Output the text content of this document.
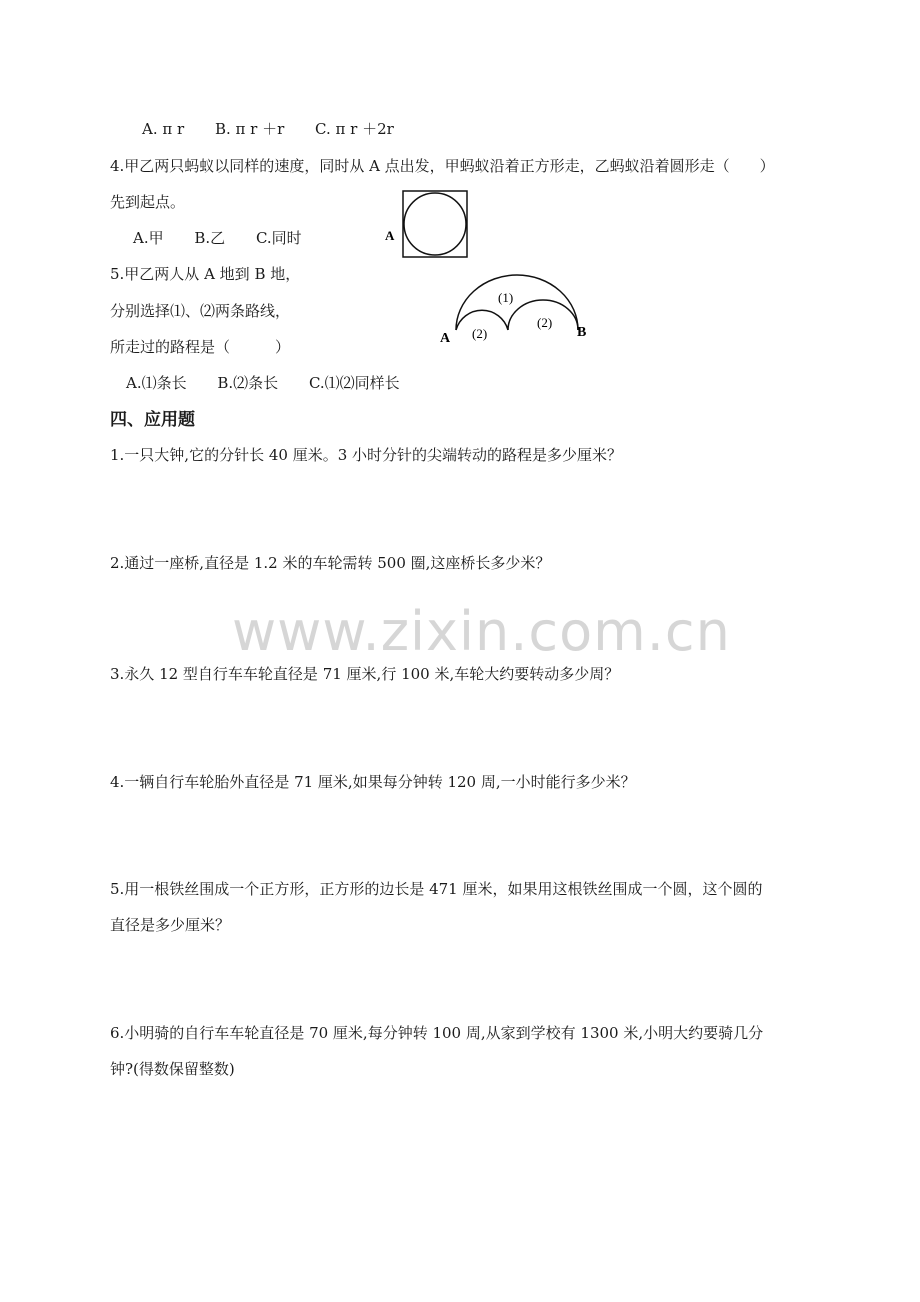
A. π r B. π r ＋r C. π r ＋2r
4.甲乙两只蚂蚁以同样的速度，同时从 A 点出发，甲蚂蚁沿着正方形走，乙蚂蚁沿着圆形走（　　）
先到起点。
A.甲 B.乙 C.同时	A
5.甲乙两人从 A 地到 B 地，
分别选择⑴、⑵两条路线，
所走过的路程是（　　　）
A.⑴条长 B.⑵条长 C.⑴⑵同样长
(1)
(2)
(2)
A	B
四、应用题
1.一只大钟,它的分针长 40 厘米。3 小时分针的尖端转动的路程是多少厘米？
2.通过一座桥,直径是 1.2 米的车轮需转 500 圈,这座桥长多少米？
3.永久 12 型自行车车轮直径是 71 厘米,行 100 米,车轮大约要转动多少周？
4.一辆自行车轮胎外直径是 71 厘米,如果每分钟转 120 周,一小时能行多少米？
5.用一根铁丝围成一个正方形，正方形的边长是 471 厘米，如果用这根铁丝围成一个圆，这个圆的
直径是多少厘米？
6.小明骑的自行车车轮直径是 70 厘米,每分钟转 100 周,从家到学校有 1300 米,小明大约要骑几分
钟?(得数保留整数)
www.zixin.com.cn
